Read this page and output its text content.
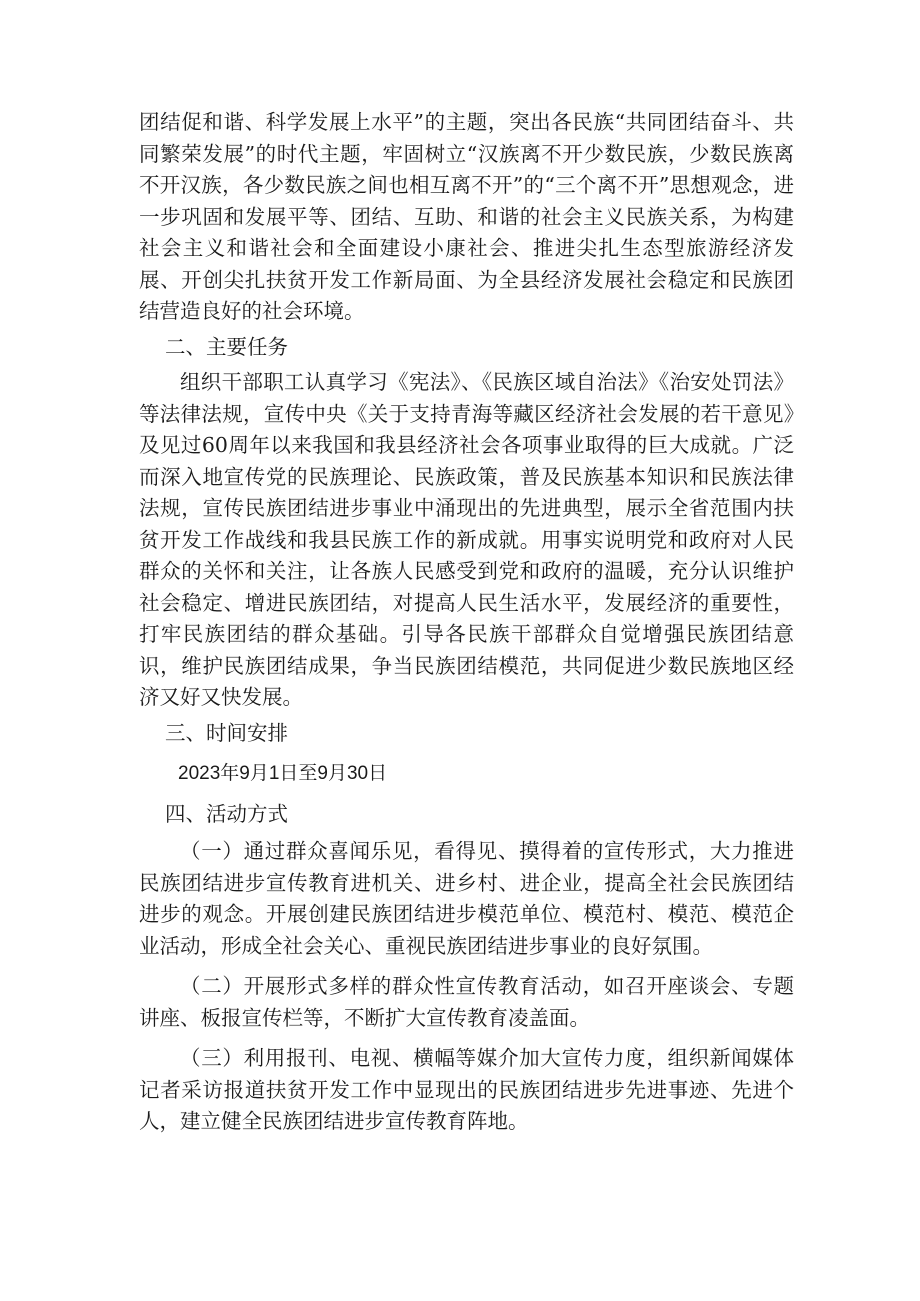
团结促和谐、科学发展上水平”的主题，突出各民族“共同团结奋斗、共同繁荣发展”的时代主题，牢固树立“汉族离不开少数民族，少数民族离不开汉族，各少数民族之间也相互离不开”的“三个离不开”思想观念，进一步巩固和发展平等、团结、互助、和谐的社会主义民族关系，为构建社会主义和谐社会和全面建设小康社会、推进尖扎生态型旅游经济发展、开创尖扎扶贫开发工作新局面、为全县经济发展社会稳定和民族团结营造良好的社会环境。

二、主要任务

组织干部职工认真学习《宪法》、《民族区域自治法》《治安处罚法》等法律法规，宣传中央《关于支持青海等藏区经济社会发展的若干意见》及见过60周年以来我国和我县经济社会各项事业取得的巨大成就。广泛而深入地宣传党的民族理论、民族政策，普及民族基本知识和民族法律法规，宣传民族团结进步事业中涌现出的先进典型，展示全省范围内扶贫开发工作战线和我县民族工作的新成就。用事实说明党和政府对人民群众的关怀和关注，让各族人民感受到党和政府的温暖，充分认识维护社会稳定、增进民族团结，对提高人民生活水平，发展经济的重要性，打牢民族团结的群众基础。引导各民族干部群众自觉增强民族团结意识，维护民族团结成果，争当民族团结模范，共同促进少数民族地区经济又好又快发展。

三、时间安排

2023年9月1日至9月30日

四、活动方式

（一）通过群众喜闻乐见，看得见、摸得着的宣传形式，大力推进民族团结进步宣传教育进机关、进乡村、进企业，提高全社会民族团结进步的观念。开展创建民族团结进步模范单位、模范村、模范、模范企业活动，形成全社会关心、重视民族团结进步事业的良好氛围。

（二）开展形式多样的群众性宣传教育活动，如召开座谈会、专题讲座、板报宣传栏等，不断扩大宣传教育凌盖面。

（三）利用报刊、电视、横幅等媒介加大宣传力度，组织新闻媒体记者采访报道扶贫开发工作中显现出的民族团结进步先进事迹、先进个人，建立健全民族团结进步宣传教育阵地。
